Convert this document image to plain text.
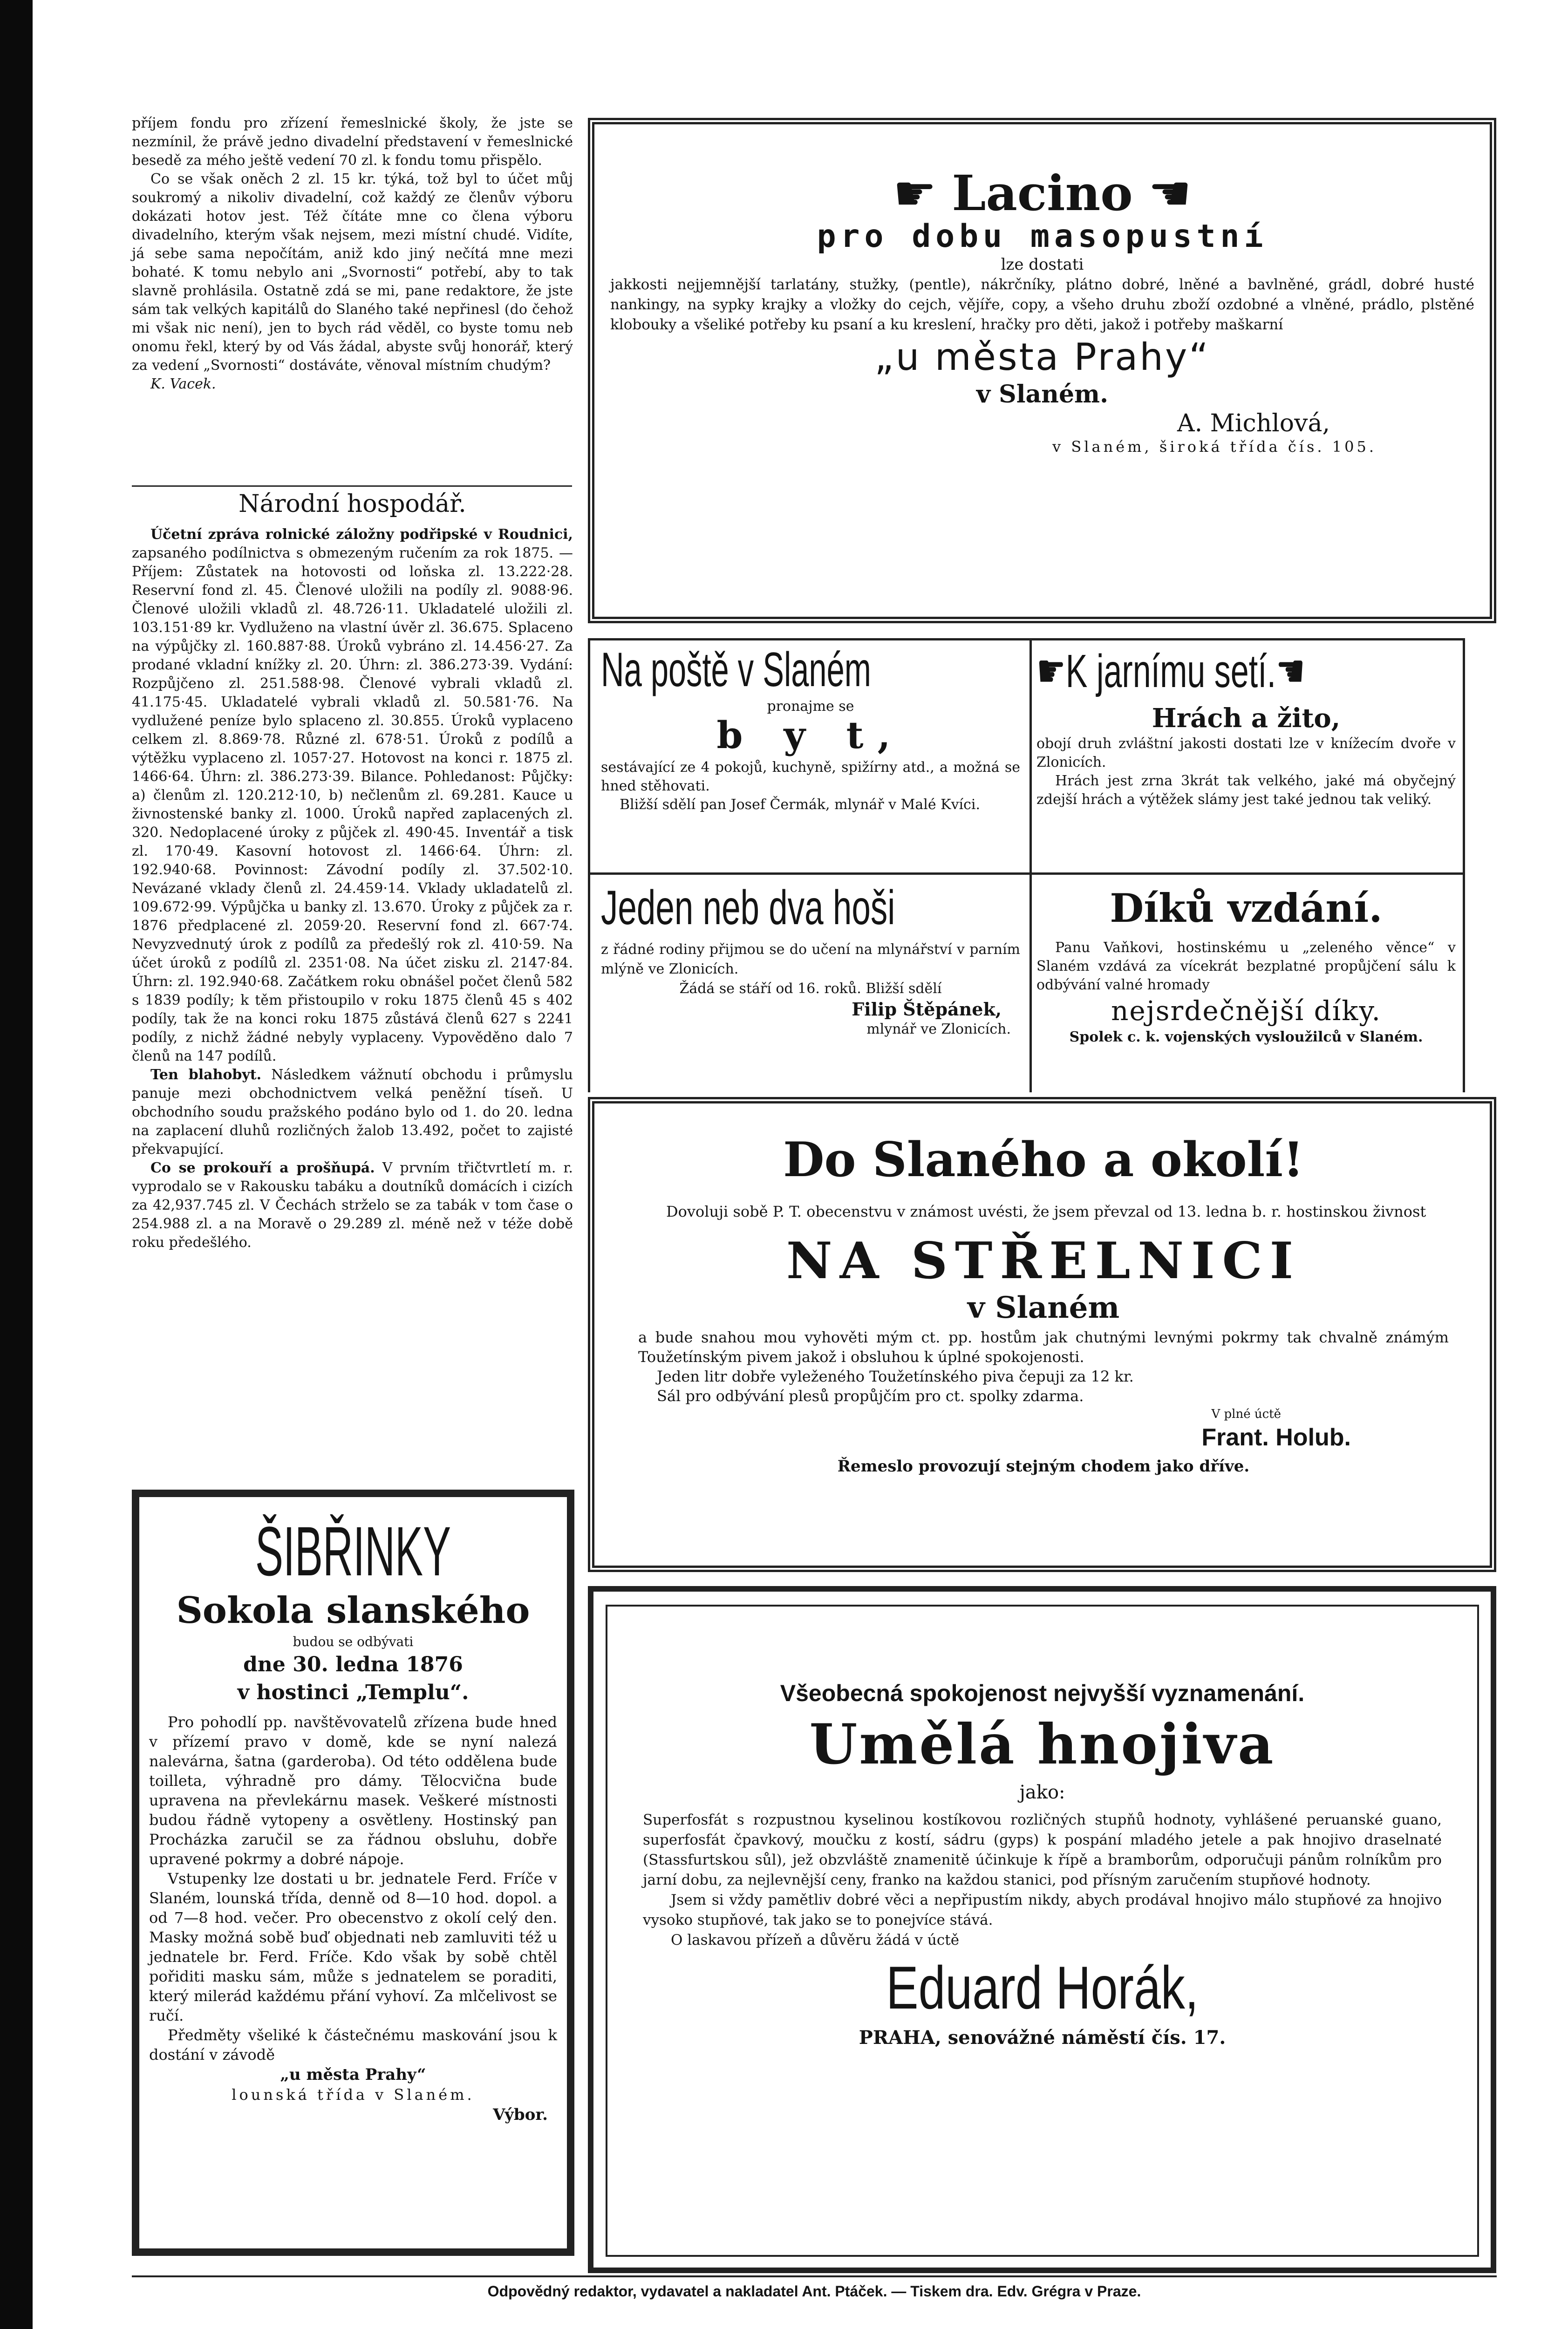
příjem fondu pro zřízení řemeslnické školy, že jste se nezmínil, že právě jedno divadelní představení v řemeslnické besedě za mého ještě vedení 70 zl. k fondu tomu přispělo.

Co se však oněch 2 zl. 15 kr. týká, tož byl to účet můj soukromý a nikoliv divadelní, což každý ze členův výboru dokázati hotov jest. Též čítáte mne co člena výboru divadelního, kterým však nejsem, mezi místní chudé. Vidíte, já sebe sama nepočítám, aniž kdo jiný nečítá mne mezi bohaté. K tomu nebylo ani „Svornosti“ potřebí, aby to tak slavně prohlásila. Ostatně zdá se mi, pane redaktore, že jste sám tak velkých kapitálů do Slaného také nepřinesl (do čehož mi však nic není), jen to bych rád věděl, co byste tomu neb onomu řekl, který by od Vás žádal, abyste svůj honorář, který za vedení „Svornosti“ dostáváte, věnoval místním chudým?

K. Vacek.

Národní hospodář.

Účetní zpráva rolnické záložny podřipské v Roudnici, zapsaného podílnictva s obmezeným ručením za rok 1875. — Příjem: Zůstatek na hotovosti od loňska zl. 13.222·28. Reservní fond zl. 45. Členové uložili na podíly zl. 9088·96. Členové uložili vkladů zl. 48.726·11. Ukladatelé uložili zl. 103.151·89 kr. Vydluženo na vlastní úvěr zl. 36.675. Splaceno na výpůjčky zl. 160.887·88. Úroků vybráno zl. 14.456·27. Za prodané vkladní knížky zl. 20. Úhrn: zl. 386.273·39. Vydání: Rozpůjčeno zl. 251.588·98. Členové vybrali vkladů zl. 41.175·45. Ukladatelé vybrali vkladů zl. 50.581·76. Na vydlužené peníze bylo splaceno zl. 30.855. Úroků vyplaceno celkem zl. 8.869·78. Různé zl. 678·51. Úroků z podílů a výtěžku vyplaceno zl. 1057·27. Hotovost na konci r. 1875 zl. 1466·64. Úhrn: zl. 386.273·39. Bilance. Pohledanost: Půjčky: a) členům zl. 120.212·10, b) nečlenům zl. 69.281. Kauce u živnostenské banky zl. 1000. Úroků napřed zaplacených zl. 320. Nedoplacené úroky z půjček zl. 490·45. Inventář a tisk zl. 170·49. Kasovní hotovost zl. 1466·64. Úhrn: zl. 192.940·68. Povinnost: Závodní podíly zl. 37.502·10. Nevázané vklady členů zl. 24.459·14. Vklady ukladatelů zl. 109.672·99. Výpůjčka u banky zl. 13.670. Úroky z půjček za r. 1876 předplacené zl. 2059·20. Reservní fond zl. 667·74. Nevyzvednutý úrok z podílů za předešlý rok zl. 410·59. Na účet úroků z podílů zl. 2351·08. Na účet zisku zl. 2147·84. Úhrn: zl. 192.940·68. Začátkem roku obnášel počet členů 582 s 1839 podíly; k těm přistoupilo v roku 1875 členů 45 s 402 podíly, tak že na konci roku 1875 zůstává členů 627 s 2241 podíly, z nichž žádné nebyly vyplaceny. Vypověděno dalo 7 členů na 147 podílů.

Ten blahobyt. Následkem vážnutí obchodu i průmyslu panuje mezi obchodnictvem velká peněžní tíseň. U obchodního soudu pražského podáno bylo od 1. do 20. ledna na zaplacení dluhů rozličných žalob 13.492, počet to zajisté překvapující.

Co se prokouří a prošňupá. V prvním třičtvrtletí m. r. vyprodalo se v Rakousku tabáku a doutníků domácích i cizích za 42,937.745 zl. V Čechách strželo se za tabák v tom čase o 254.988 zl. a na Moravě o 29.289 zl. méně než v téže době roku předešlého.

ŠIBŘINKY
Sokola slanského
budou se odbývati
dne 30. ledna 1876
v hostinci „Templu“.

Pro pohodlí pp. navštěvovatelů zřízena bude hned v přízemí pravo v domě, kde se nyní nalezá nalevárna, šatna (garderoba). Od této oddělena bude toilleta, výhradně pro dámy. Tělocvična bude upravena na převlekárnu masek. Veškeré místnosti budou řádně vytopeny a osvětleny. Hostinský pan Procházka zaručil se za řádnou obsluhu, dobře upravené pokrmy a dobré nápoje.

Vstupenky lze dostati u br. jednatele Ferd. Fríče v Slaném, lounská třída, denně od 8—10 hod. dopol. a od 7—8 hod. večer. Pro obecenstvo z okolí celý den. Masky možná sobě buď objednati neb zamluviti též u jednatele br. Ferd. Fríče. Kdo však by sobě chtěl pořiditi masku sám, může s jednatelem se poraditi, který milerád každému přání vyhoví. Za mlčelivost se ručí.

Předměty všeliké k částečnému maskování jsou k dostání v závodě

„u města Prahy“
lounská třída v Slaném.
Výbor.
☛ Lacino ☚
pro dobu masopustní
lze dostati
jakkosti nejjemnější tarlatány, stužky, (pentle), nákrčníky, plátno dobré, lněné a bavlněné, grádl, dobré husté nankingy, na sypky krajky a vložky do cejch, vějíře, copy, a všeho druhu zboží ozdobné a vlněné, prádlo, plstěné klobouky a všeliké potřeby ku psaní a ku kreslení, hračky pro děti, jakož i potřeby maškarní
„u města Prahy“
v Slaném.
A. Michlová,
v Slaném, široká třída čís. 105.
Na poště v Slaném
pronajme se
b y t,

sestávající ze 4 pokojů, kuchyně, spižírny atd., a možná se hned stěhovati.

Bližší sdělí pan Josef Čermák, mlynář v Malé Kvíci.

Jeden neb dva hoši
z řádné rodiny přijmou se do učení na mlynářství v parním mlýně ve Zlonicích.
Žádá se stáří od 16. roků. Bližší sdělí
Filip Štěpánek,
mlynář ve Zlonicích.
☛K jarnímu setí.☚
Hrách a žito,

obojí druh zvláštní jakosti dostati lze v knížecím dvoře v Zlonicích.

Hrách jest zrna 3krát tak velkého, jaké má obyčejný zdejší hrách a výtěžek slámy jest také jednou tak veliký.

Díků vzdání.
Panu Vaňkovi, hostinskému u „zeleného věnce“ v Slaném vzdává za vícekrát bezplatné propůjčení sálu k odbývání valné hromady
nejsrdečnější díky.
Spolek c. k. vojenských vysloužilců v Slaném.
Do Slaného a okolí!
Dovoluji sobě P. T. obecenstvu v známost uvésti, že jsem převzal od 13. ledna b. r. hostinskou živnost
NA STŘELNICI
v Slaném

a bude snahou mou vyhověti mým ct. pp. hostům jak chutnými levnými pokrmy tak chvalně známým Toužetínským pivem jakož i obsluhou k úplné spokojenosti.

Jeden litr dobře vyleženého Toužetínského piva čepuji za 12 kr.

Sál pro odbývání plesů propůjčím pro ct. spolky zdarma.

V plné úctě
Frant. Holub.
Řemeslo provozují stejným chodem jako dříve.
Všeobecná spokojenost nejvyšší vyznamenání.
Umělá hnojiva
jako:

Superfosfát s rozpustnou kyselinou kostíkovou rozličných stupňů hodnoty, vyhlášené peruanské guano, superfosfát čpavkový, moučku z kostí, sádru (gyps) k pospání mladého jetele a pak hnojivo draselnaté (Stassfurtskou sůl), jež obzvláště znamenitě účinkuje k řípě a bramborům, odporučuji pánům rolníkům pro jarní dobu, za nejlevnější ceny, franko na každou stanici, pod přísným zaručením stupňové hodnoty.

Jsem si vždy pamětliv dobré věci a nepřipustím nikdy, abych prodával hnojivo málo stupňové za hnojivo vysoko stupňové, tak jako se to ponejvíce stává.

O laskavou přízeň a důvěru žádá v úctě

Eduard Horák,
PRAHA, senovážné náměstí čís. 17.
Odpovědný redaktor, vydavatel a nakladatel Ant. Ptáček. — Tiskem dra. Edv. Grégra v Praze.
